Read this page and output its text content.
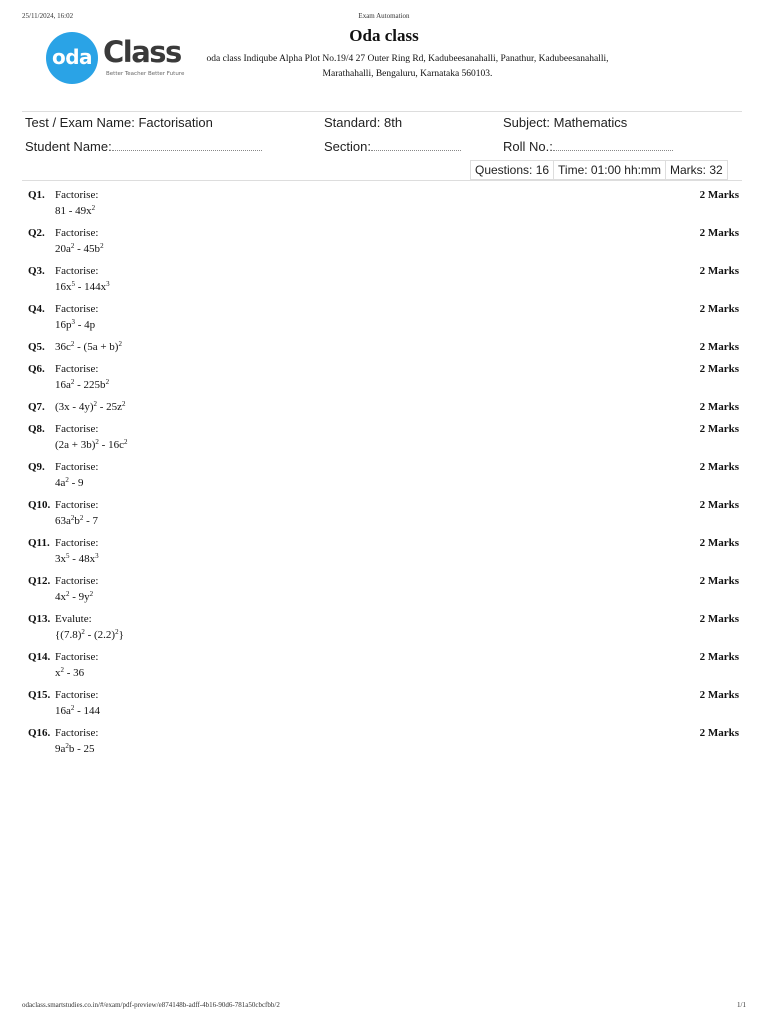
25/11/2024, 16:02	Exam Automation
oda Class
Better Teacher Better Future
Oda class
oda class Indiqube Alpha Plot No.19/4 27 Outer Ring Rd, Kadubeesanahalli, Panathur, Kadubeesanahalli,
Marathahalli, Bengaluru, Karnataka 560103.
Test / Exam Name: Factorisation	Standard: 8th	Subject: Mathematics
Student Name:	Section:	Roll No.:
Questions: 16 Time: 01:00 hh:mm Marks: 32
Q1. Factorise:
$81 - 49x^2$
2 Marks
Q2. Factorise:
$20a^2 - 45b^2$
2 Marks
Q3. Factorise:
$16x^5 - 144x^3$
2 Marks
Q4. Factorise:
$16p^3 - 4p$
2 Marks
Q5. $36c^2 - (5a + b)^2$	2 Marks
Q6. Factorise:
$16a^2 - 225b^2$
2 Marks
Q7. $(3x - 4y)^2 - 25z^2$	2 Marks
Q8. Factorise:
$(2a + 3b)^2 - 16c^2$
2 Marks
Q9. Factorise:
$4a^2 - 9$
2 Marks
Q10. Factorise:
$63a^2b^2 - 7$
2 Marks
Q11. Factorise:
$3x^5 - 48x^3$
2 Marks
Q12. Factorise:
$4x^2 - 9y^2$
2 Marks
Q13. Evalute:
$\{(7.8)^2 - (2.2)^2\}$
2 Marks
Q14. Factorise:
$x^2 - 36$
2 Marks
Q15. Factorise:
$16a^2 - 144$
2 Marks
Q16. Factorise:
$9a^2b - 25$
2 Marks
odaclass.smartstudies.co.in/#/exam/pdf-preview/e874148b-adff-4b16-90d6-781a50cbcfbb/2	1/1
